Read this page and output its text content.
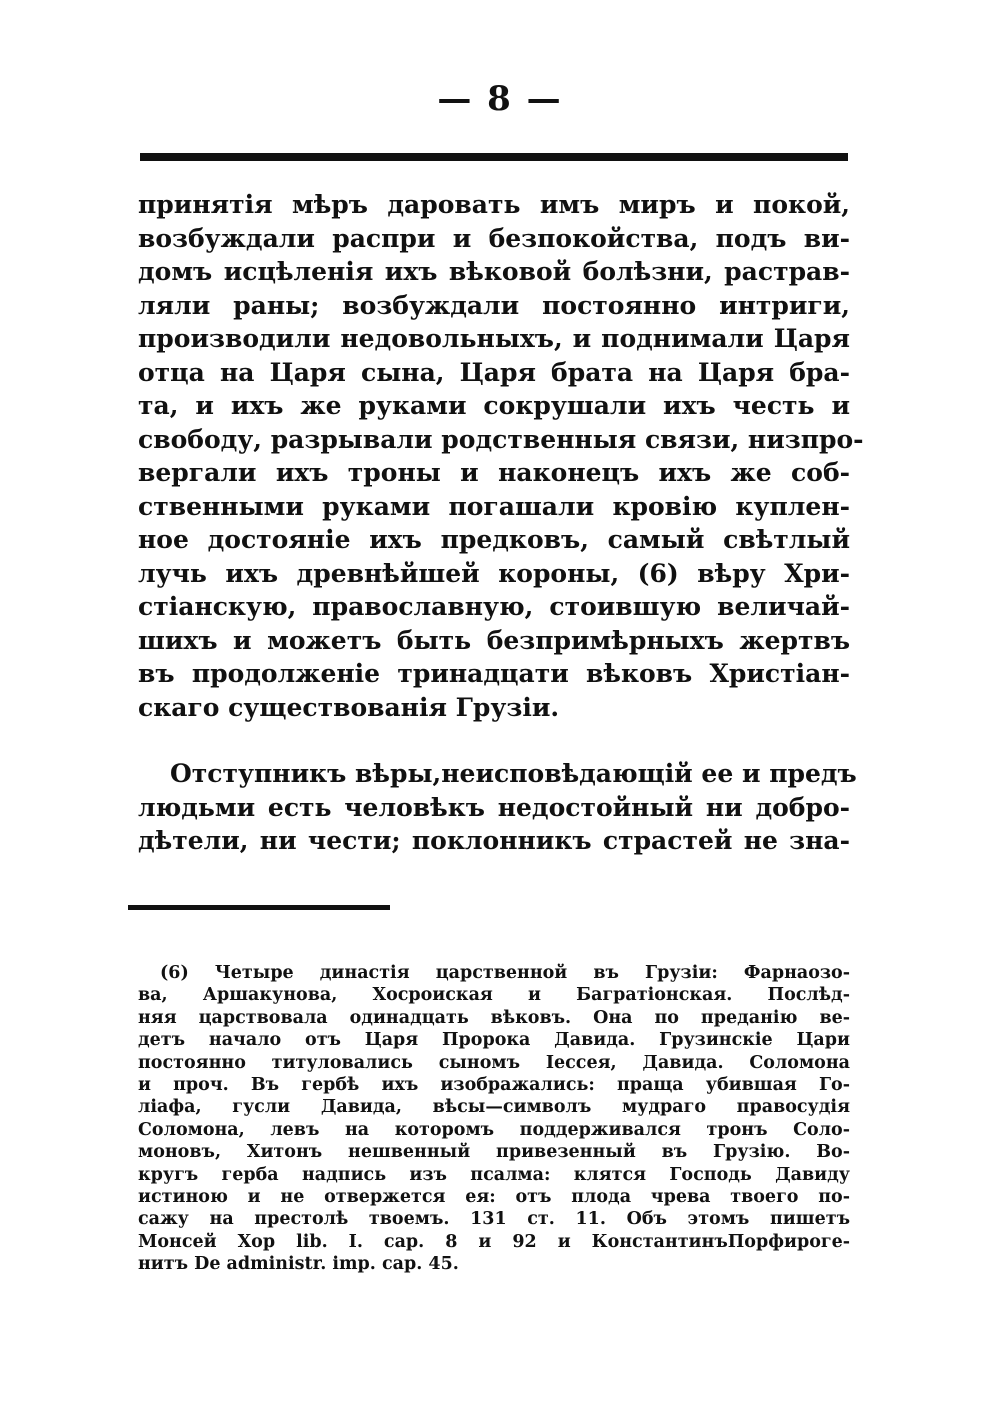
— 8 —
принятія мѣръ даровать имъ миръ и покой,
возбуждали распри и безпокойства, подъ ви-
домъ исцѣленія ихъ вѣковой болѣзни, растрав-
ляли раны; возбуждали постоянно интриги,
производили недовольныхъ, и поднимали Царя
отца на Царя сына, Царя брата на Царя бра-
та, и ихъ же руками сокрушали ихъ честь и
свободу, разрывали родственныя связи, низпро-
вергали ихъ троны и наконецъ ихъ же соб-
ственными руками погашали кровію куплен-
ное достояніе ихъ предковъ, самый свѣтлый
лучь ихъ древнѣйшей короны, (6) вѣру Хри-
стіанскую, православную, стоившую величай-
шихъ и можетъ быть безпримѣрныхъ жертвъ
въ продолженіе тринадцати вѣковъ Христіан-
скаго существованія Грузіи.
Отступникъ вѣры,неисповѣдающій ее и предъ
людьми есть человѣкъ недостойный ни добро-
дѣтели, ни чести; поклонникъ страстей не зна-
(6) Четыре династія царственной въ Грузіи: Фарнаозо-
ва, Аршакунова, Хосроиская и Багратіонская. Послѣд-
няя царствовала одинадцать вѣковъ. Она по преданію ве-
детъ начало отъ Царя Пророка Давида. Грузинскіе Цари
постоянно титуловались сыномъ Іессея, Давида. Соломона
и проч. Въ гербѣ ихъ изображались: праща убившая Го-
ліафа, гусли Давида, вѣсы—символъ мудраго правосудія
Соломона, левъ на которомъ поддерживался тронъ Соло-
моновъ, Хитонъ нешвенный привезенный въ Грузію. Во-
кругъ герба надпись изъ псалма: клятся Господь Давиду
истиною и не отвержется ея: отъ плода чрева твоего по-
сажу на престолѣ твоемъ. 131 ст. 11. Объ этомъ пишетъ
Монсей Хор lib. I. cap. 8 и 92 и КонстантинъПорфироге-
нитъ De administr. imp. cap. 45.
